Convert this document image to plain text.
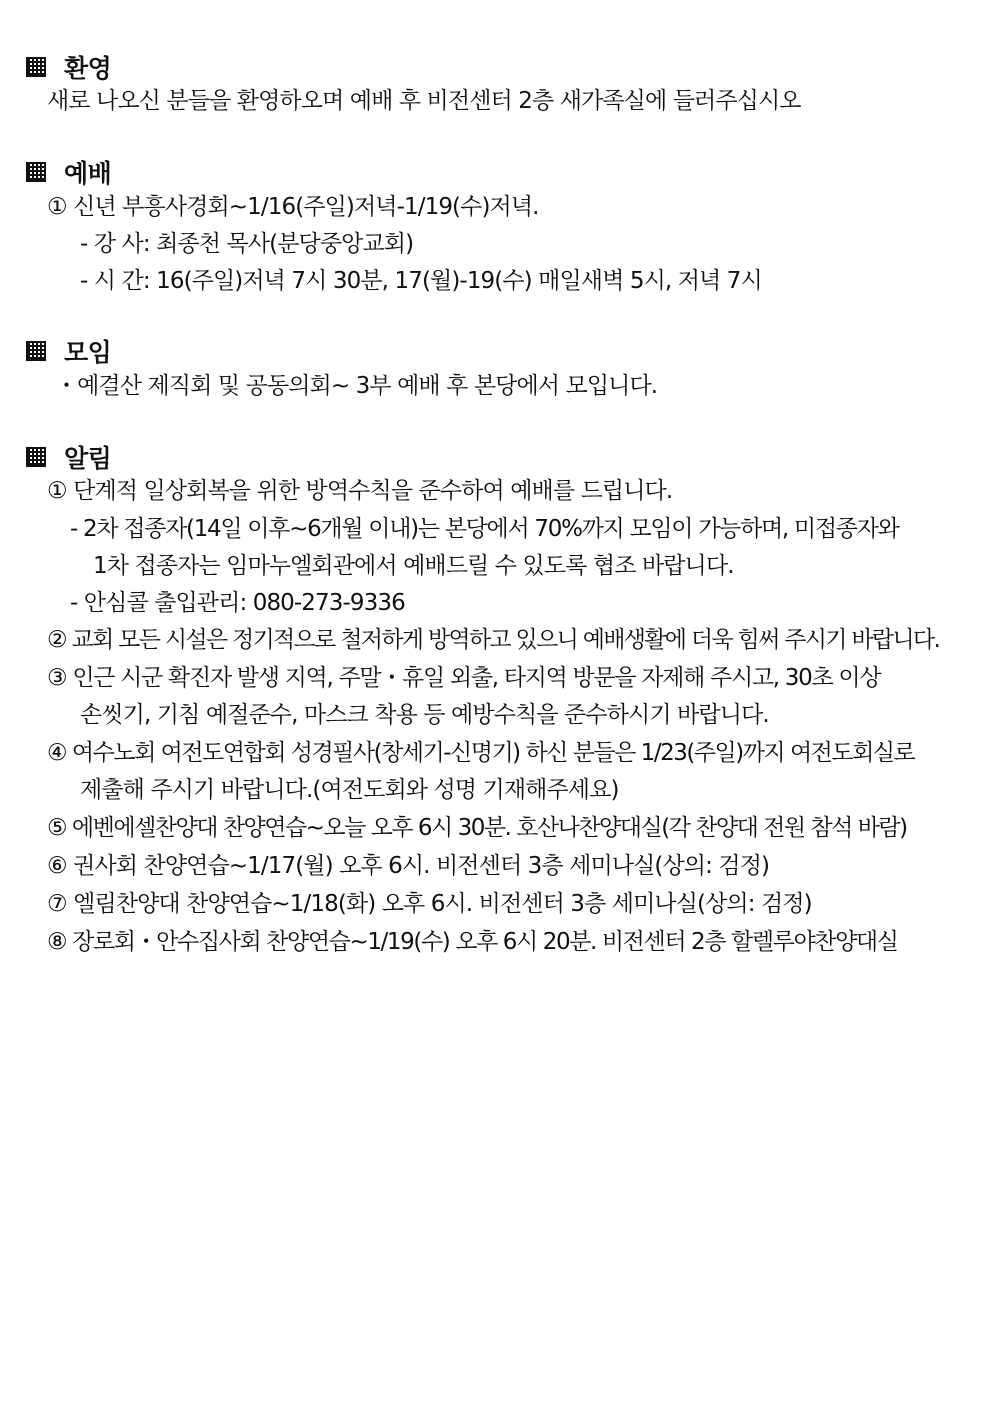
환영
새로 나오신 분들을 환영하오며 예배 후 비전센터 2층 새가족실에 들러주십시오
예배
① 신년 부흥사경회~1/16(주일)저녁-1/19(수)저녁.
- 강 사: 최종천 목사(분당중앙교회)
- 시 간: 16(주일)저녁 7시 30분, 17(월)-19(수) 매일새벽 5시, 저녁 7시
모임
・예결산 제직회 및 공동의회~ 3부 예배 후 본당에서 모입니다.
알림
① 단계적 일상회복을 위한 방역수칙을 준수하여 예배를 드립니다.
- 2차 접종자(14일 이후~6개월 이내)는 본당에서 70%까지 모임이 가능하며, 미접종자와
1차 접종자는 임마누엘회관에서 예배드릴 수 있도록 협조 바랍니다.
- 안심콜 출입관리: 080-273-9336
② 교회 모든 시설은 정기적으로 철저하게 방역하고 있으니 예배생활에 더욱 힘써 주시기 바랍니다.
③ 인근 시군 확진자 발생 지역, 주말・휴일 외출, 타지역 방문을 자제해 주시고, 30초 이상
손씻기, 기침 예절준수, 마스크 착용 등 예방수칙을 준수하시기 바랍니다.
④ 여수노회 여전도연합회 성경필사(창세기-신명기) 하신 분들은 1/23(주일)까지 여전도회실로
제출해 주시기 바랍니다.(여전도회와 성명 기재해주세요)
⑤ 에벤에셀찬양대 찬양연습~오늘 오후 6시 30분. 호산나찬양대실(각 찬양대 전원 참석 바람)
⑥ 권사회 찬양연습~1/17(월) 오후 6시. 비전센터 3층 세미나실(상의: 검정)
⑦ 엘림찬양대 찬양연습~1/18(화) 오후 6시. 비전센터 3층 세미나실(상의: 검정)
⑧ 장로회・안수집사회 찬양연습~1/19(수) 오후 6시 20분. 비전센터 2층 할렐루야찬양대실
